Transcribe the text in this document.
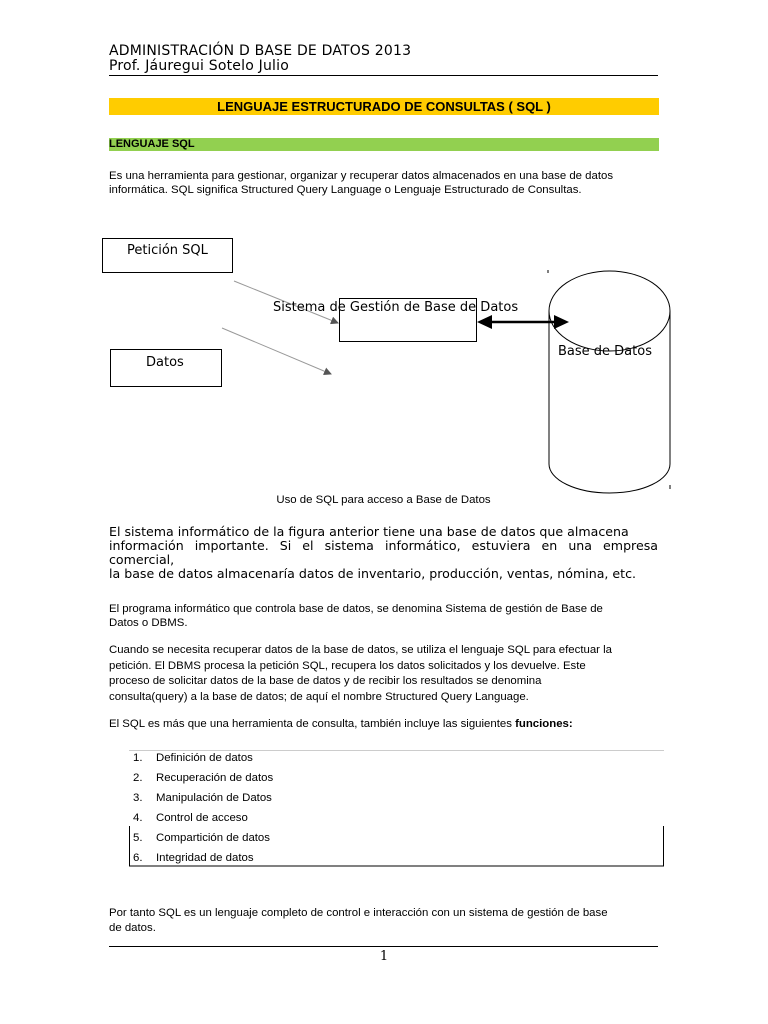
ADMINISTRACIÓN D BASE DE DATOS 2013
Prof. Jáuregui Sotelo Julio
LENGUAJE ESTRUCTURADO DE CONSULTAS ( SQL )
LENGUAJE SQL
Es una herramienta para gestionar, organizar y recuperar datos almacenados en una base de datos
informática. SQL significa Structured Query Language o Lenguaje Estructurado de Consultas.
Petición SQL
Datos
Sistema de Gestión de Base de Datos
Base de Datos
Uso de SQL para acceso a Base de Datos
El sistema informático de la figura anterior tiene una base de datos que almacena
información importante. Si el sistema informático, estuviera en una empresa comercial,
la base de datos almacenaría datos de inventario, producción, ventas, nómina, etc.
El programa informático que controla base de datos, se denomina Sistema de gestión de Base de
Datos o DBMS.
Cuando se necesita recuperar datos de la base de datos, se utiliza el lenguaje SQL para efectuar la
petición. El DBMS procesa la petición SQL, recupera los datos solicitados y los devuelve. Este
proceso de solicitar datos de la base de datos y de recibir los resultados se denomina
consulta(query) a la base de datos; de aquí el nombre Structured Query Language.
El SQL es más que una herramienta de consulta, también incluye las siguientes funciones:
1. Definición de datos
2. Recuperación de datos
3. Manipulación de Datos
4. Control de acceso
5. Compartición de datos
6. Integridad de datos
Por tanto SQL es un lenguaje completo de control e interacción con un sistema de gestión de base
de datos.
1
